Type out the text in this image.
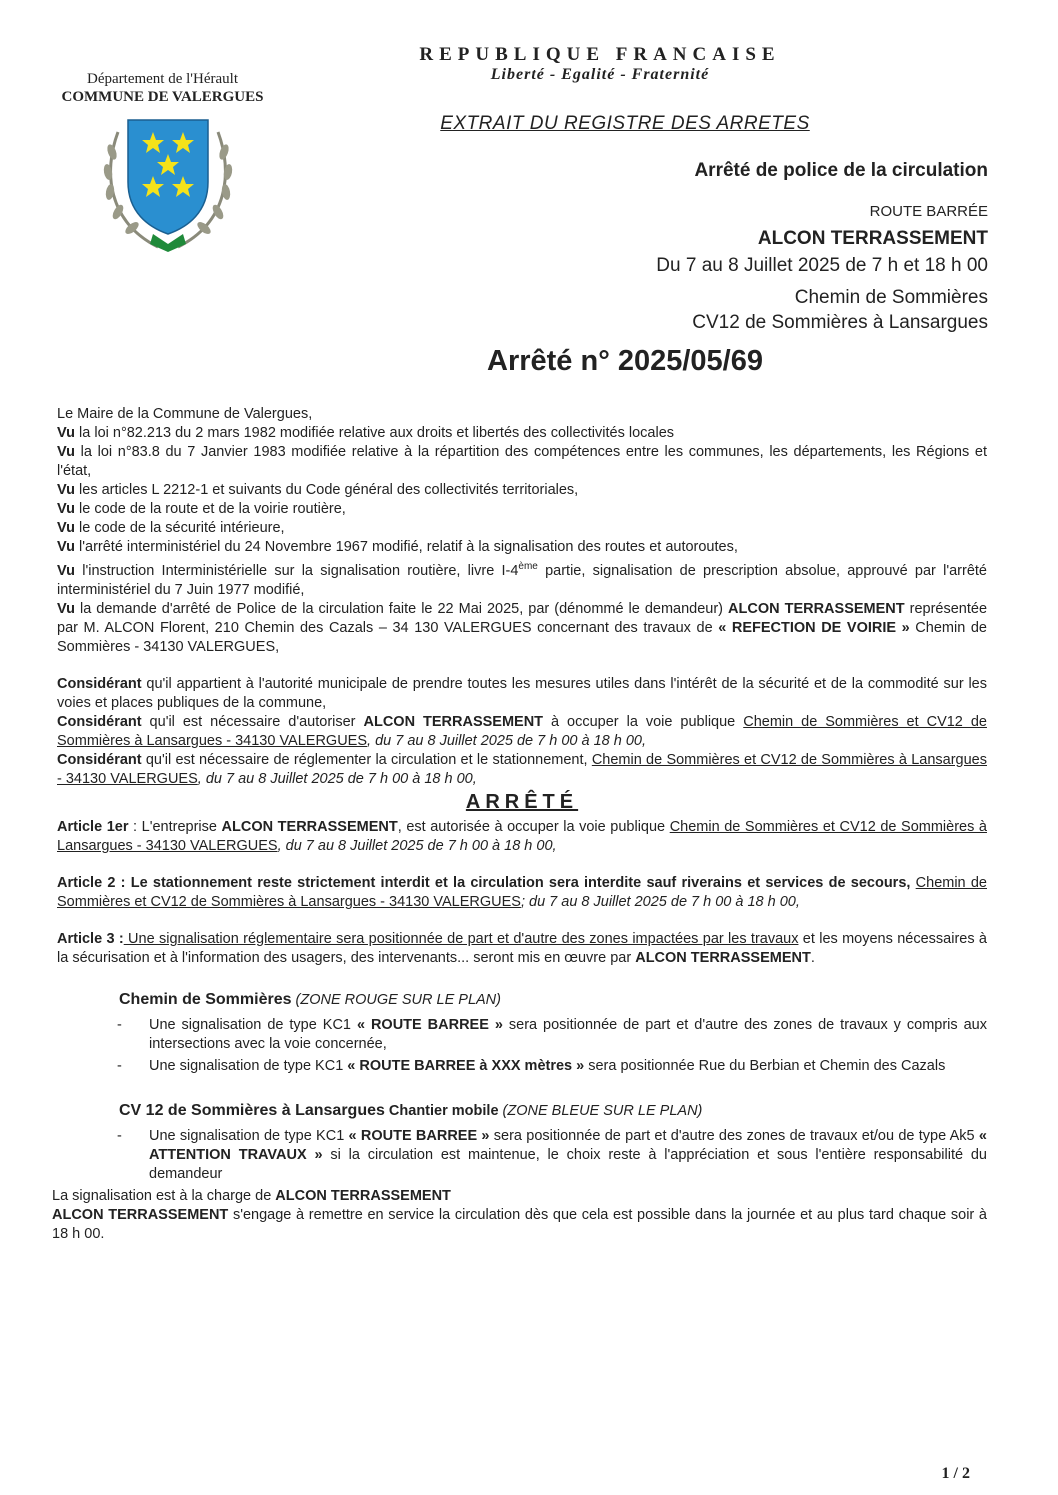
Département de l'Hérault
COMMUNE DE VALERGUES
REPUBLIQUE FRANCAISE
Liberté - Egalité - Fraternité
EXTRAIT DU REGISTRE DES ARRETES
Arrêté de police de la circulation
ROUTE BARRÉE
ALCON TERRASSEMENT
Du 7 au 8 Juillet 2025 de 7 h et 18 h 00
Chemin de Sommières
CV12 de Sommières à Lansargues
Arrêté n° 2025/05/69

Le Maire de la Commune de Valergues,

Vu la loi n°82.213 du 2 mars 1982 modifiée relative aux droits et libertés des collectivités locales

Vu la loi n°83.8 du 7 Janvier 1983 modifiée relative à la répartition des compétences entre les communes, les départements, les Régions et l'état,

Vu les articles L 2212-1 et suivants du Code général des collectivités territoriales,

Vu le code de la route et de la voirie routière,

Vu le code de la sécurité intérieure,

Vu l'arrêté interministériel du 24 Novembre 1967 modifié, relatif à la signalisation des routes et autoroutes,

Vu l'instruction Interministérielle sur la signalisation routière, livre I-4ème partie, signalisation de prescription absolue, approuvé par l'arrêté interministériel du 7 Juin 1977 modifié,

Vu la demande d'arrêté de Police de la circulation faite le 22 Mai 2025, par (dénommé le demandeur) ALCON TERRASSEMENT représentée par M. ALCON Florent, 210 Chemin des Cazals – 34 130 VALERGUES concernant des travaux de « REFECTION DE VOIRIE » Chemin de Sommières - 34130 VALERGUES,

Considérant qu'il appartient à l'autorité municipale de prendre toutes les mesures utiles dans l'intérêt de la sécurité et de la commodité sur les voies et places publiques de la commune,

Considérant qu'il est nécessaire d'autoriser ALCON TERRASSEMENT à occuper la voie publique Chemin de Sommières et CV12 de Sommières à Lansargues - 34130 VALERGUES, du 7 au 8 Juillet 2025 de 7 h 00 à 18 h 00,

Considérant qu'il est nécessaire de réglementer la circulation et le stationnement, Chemin de Sommières et CV12 de Sommières à Lansargues - 34130 VALERGUES, du 7 au 8 Juillet 2025 de 7 h 00 à 18 h 00,

ARRÊTÉ

Article 1er : L'entreprise ALCON TERRASSEMENT, est autorisée à occuper la voie publique Chemin de Sommières et CV12 de Sommières à Lansargues - 34130 VALERGUES, du 7 au 8 Juillet 2025 de 7 h 00 à 18 h 00,

Article 2 : Le stationnement reste strictement interdit et la circulation sera interdite sauf riverains et services de secours, Chemin de Sommières et CV12 de Sommières à Lansargues - 34130 VALERGUES; du 7 au 8 Juillet 2025 de 7 h 00 à 18 h 00,

Article 3 : Une signalisation réglementaire sera positionnée de part et d'autre des zones impactées par les travaux et les moyens nécessaires à la sécurisation et à l'information des usagers, des intervenants... seront mis en œuvre par ALCON TERRASSEMENT.

Chemin de Sommières (ZONE ROUGE SUR LE PLAN)
- Une signalisation de type KC1 « ROUTE BARREE » sera positionnée de part et d'autre des zones de travaux y compris aux intersections avec la voie concernée,
- Une signalisation de type KC1 « ROUTE BARREE à XXX mètres » sera positionnée Rue du Berbian et Chemin des Cazals
CV 12 de Sommières à Lansargues Chantier mobile (ZONE BLEUE SUR LE PLAN)
- Une signalisation de type KC1 « ROUTE BARREE » sera positionnée de part et d'autre des zones de travaux et/ou de type Ak5 « ATTENTION TRAVAUX » si la circulation est maintenue, le choix reste à l'appréciation et sous l'entière responsabilité du demandeur

La signalisation est à la charge de ALCON TERRASSEMENT

ALCON TERRASSEMENT s'engage à remettre en service la circulation dès que cela est possible dans la journée et au plus tard chaque soir à 18 h 00.

1 / 2
